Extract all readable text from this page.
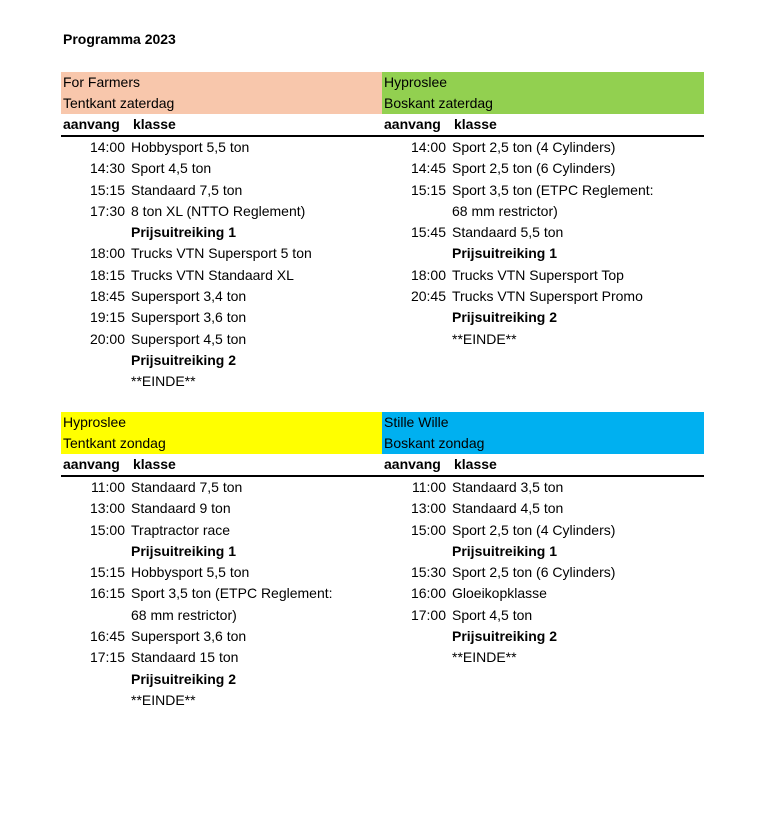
Programma 2023
For Farmers
Tentkant zaterdag
Hyproslee
Boskant zaterdag
aanvang klasse	aanvang klasse
14:00 Hobbysport 5,5 ton
14:30 Sport 4,5 ton
15:15 Standaard 7,5 ton
17:30 8 ton XL (NTTO Reglement)
Prijsuitreiking 1
18:00 Trucks VTN Supersport 5 ton
18:15 Trucks VTN Standaard XL
18:45 Supersport 3,4 ton
19:15 Supersport 3,6 ton
20:00 Supersport 4,5 ton
Prijsuitreiking 2
**EINDE**
14:00 Sport 2,5 ton (4 Cylinders)
14:45 Sport 2,5 ton (6 Cylinders)
15:15 Sport 3,5 ton (ETPC Reglement:
68 mm restrictor)
15:45 Standaard 5,5 ton
Prijsuitreiking 1
18:00 Trucks VTN Supersport Top
20:45 Trucks VTN Supersport Promo
Prijsuitreiking 2
**EINDE**
Hyproslee
Tentkant zondag
Stille Wille
Boskant zondag
aanvang klasse	aanvang klasse
11:00 Standaard 7,5 ton
13:00 Standaard 9 ton
15:00 Traptractor race
Prijsuitreiking 1
15:15 Hobbysport 5,5 ton
16:15 Sport 3,5 ton (ETPC Reglement:
68 mm restrictor)
16:45 Supersport 3,6 ton
17:15 Standaard 15 ton
Prijsuitreiking 2
**EINDE**
11:00 Standaard 3,5 ton
13:00 Standaard 4,5 ton
15:00 Sport 2,5 ton (4 Cylinders)
Prijsuitreiking 1
15:30 Sport 2,5 ton (6 Cylinders)
16:00 Gloeikopklasse
17:00 Sport 4,5 ton
Prijsuitreiking 2
**EINDE**
